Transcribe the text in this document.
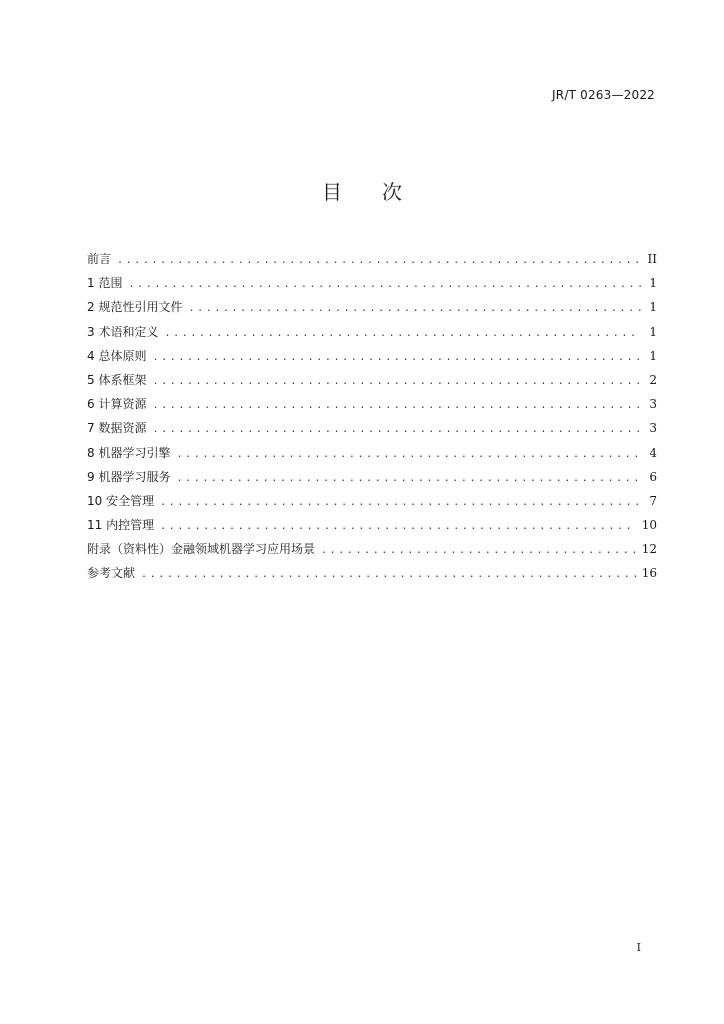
JR/T 0263—2022
目 次
前言 .....	II
1 范围 .....	1
2 规范性引用文件 .....	1
3 术语和定义 .....	1
4 总体原则 .....	1
5 体系框架 .....	2
6 计算资源 .....	3
7 数据资源 .....	3
8 机器学习引擎 .....	4
9 机器学习服务 .....	6
10 安全管理 .....	7
11 内控管理 .....	10
附录（资料性）金融领域机器学习应用场景 .....	12
参考文献 .....	16
I
